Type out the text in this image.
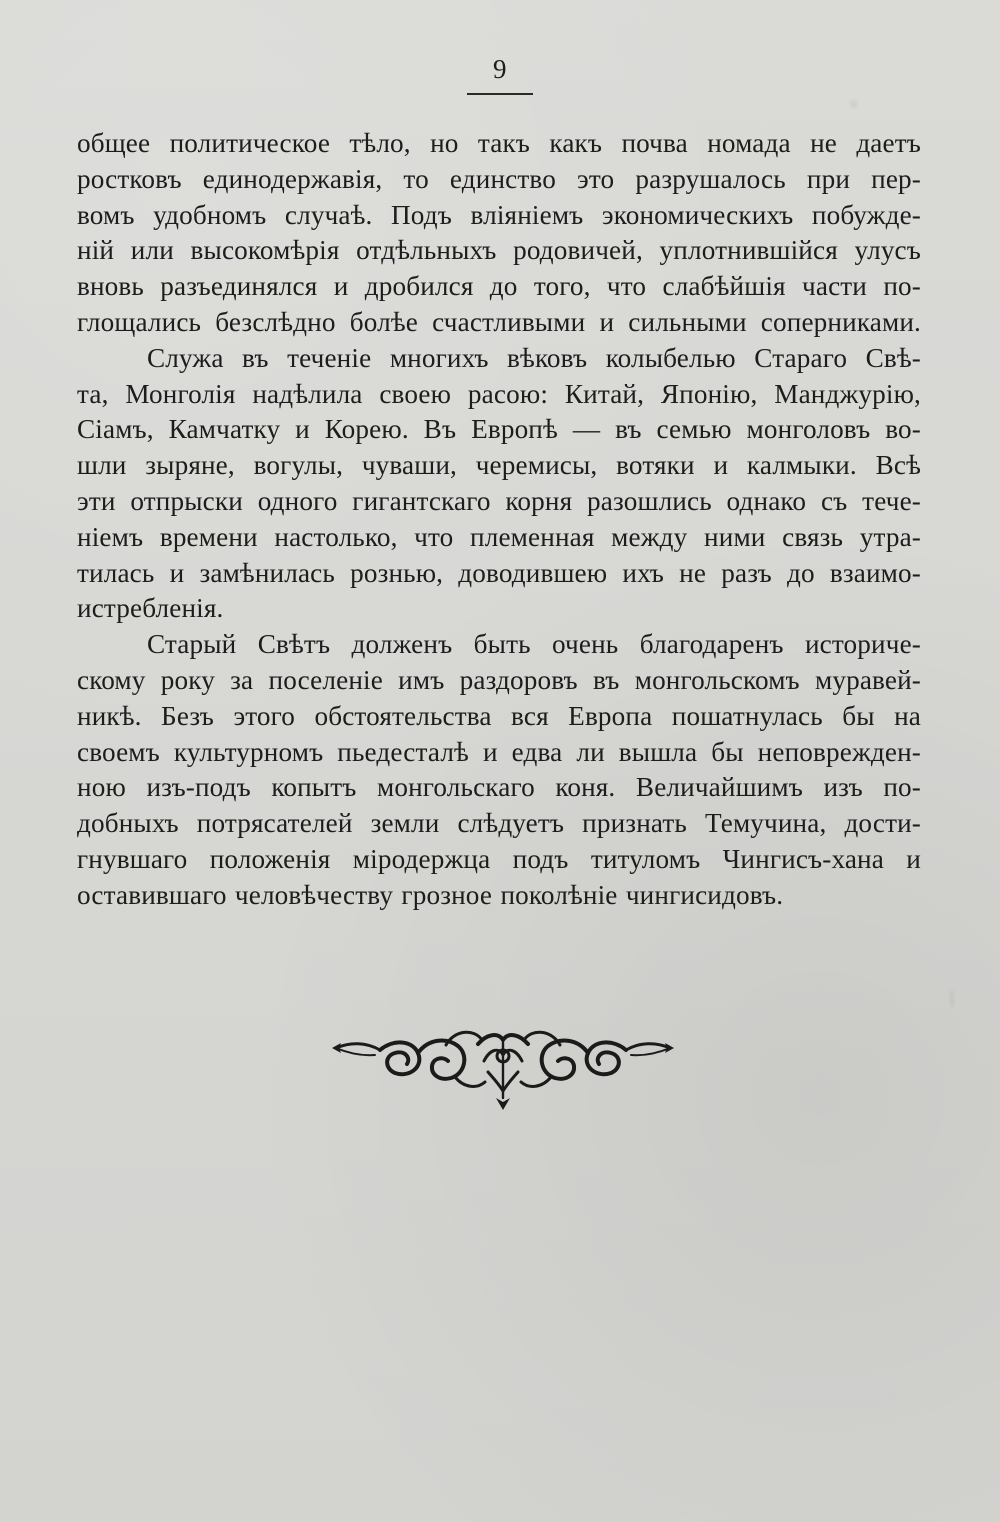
9
общее политическое тѣло, но такъ какъ почва номада не даетъ
ростковъ единодержавія, то единство это разрушалось при пер-
вомъ удобномъ случаѣ. Подъ вліяніемъ экономическихъ побужде-
ній или высокомѣрія отдѣльныхъ родовичей, уплотнившійся улусъ
вновь разъединялся и дробился до того, что слабѣйшія части по-
глощались безслѣдно болѣе счастливыми и сильными соперниками.
Служа въ теченіе многихъ вѣковъ колыбелью Стараго Свѣ-
та, Монголія надѣлила своею расою: Китай, Японію, Манджурію,
Сіамъ, Камчатку и Корею. Въ Европѣ — въ семью монголовъ во-
шли зыряне, вогулы, чуваши, черемисы, вотяки и калмыки. Всѣ
эти отпрыски одного гигантскаго корня разошлись однако съ тече-
ніемъ времени настолько, что племенная между ними связь утра-
тилась и замѣнилась рознью, доводившею ихъ не разъ до взаимо-
истребленія.
Старый Свѣтъ долженъ быть очень благодаренъ историче-
скому року за поселеніе имъ раздоровъ въ монгольскомъ муравей-
никѣ. Безъ этого обстоятельства вся Европа пошатнулась бы на
своемъ культурномъ пьедесталѣ и едва ли вышла бы неповрежден-
ною изъ-подъ копытъ монгольскаго коня. Величайшимъ изъ по-
добныхъ потрясателей земли слѣдуетъ признать Темучина, дости-
гнувшаго положенія міродержца подъ титуломъ Чингисъ-хана и
оставившаго человѣчеству грозное поколѣніе чингисидовъ.
